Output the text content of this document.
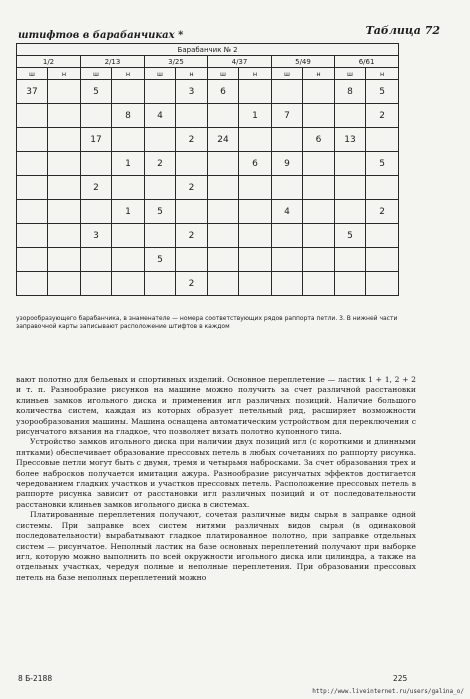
штифтов в барабанчиках *	Таблица 72
Барабанчик № 2											
1/2		2/13		3/25		4/37		5/49		6/61	
ш	н	ш	н	ш	н	ш	н	ш	н	ш	н
37		5			3	6				8	5
			8	4			1	7			2
		17			2	24			6	13	
			1	2			6	9			5
		2			2						
			1	5				4			2
		3			2					5	
				5							
					2						
узорообразующего барабанчика, в знаменателе — номера соответствующих рядов раппорта петли. 3. В нижней части заправочной карты записывают расположение штифтов в каждом

вают полотно для бельевых и спортивных изделий. Основное переплетение — ластик 1 + 1, 2 + 2 и т. п. Разнообразие рисунков на машине можно получить за счет различной расстановки клиньев замков игольного диска и применения игл различных позиций. Наличие большого количества систем, каждая из которых образует петельный ряд, расширяет возможности узорообразования машины. Машина оснащена автоматическим устройством для переключения с рисунчатого вязания на гладкое, что позволяет вязать полотно купонного типа.

Устройство замков игольного диска при наличии двух позиций игл (с короткими и длинными пятками) обеспечивает образование прессовых петель в любых сочетаниях по раппорту рисунка. Прессовые петли могут быть с двумя, тремя и четырьмя набросками. За счет образования трех и более набросков получается имитация ажура. Разнообразие рисунчатых эффектов достигается чередованием гладких участков и участков прессовых петель. Расположение прессовых петель в раппорте рисунка зависит от расстановки игл различных позиций и от последовательности расстановки клиньев замков игольного диска в системах.

Платированные переплетения получают, сочетая различные виды сырья в заправке одной системы. При заправке всех систем нитями различных видов сырья (в одинаковой последовательности) вырабатывают гладкое платированное полотно, при заправке отдельных систем — рисунчатое. Неполный ластик на базе основных переплетений получают при выборке игл, которую можно выполнить по всей окружности игольного диска или цилиндра, а также на отдельных участках, чередуя полные и неполные переплетения. При образовании прессовых петель на базе неполных переплетений можно

8 Б-2188	225
http://www.liveinternet.ru/users/galina_o/
